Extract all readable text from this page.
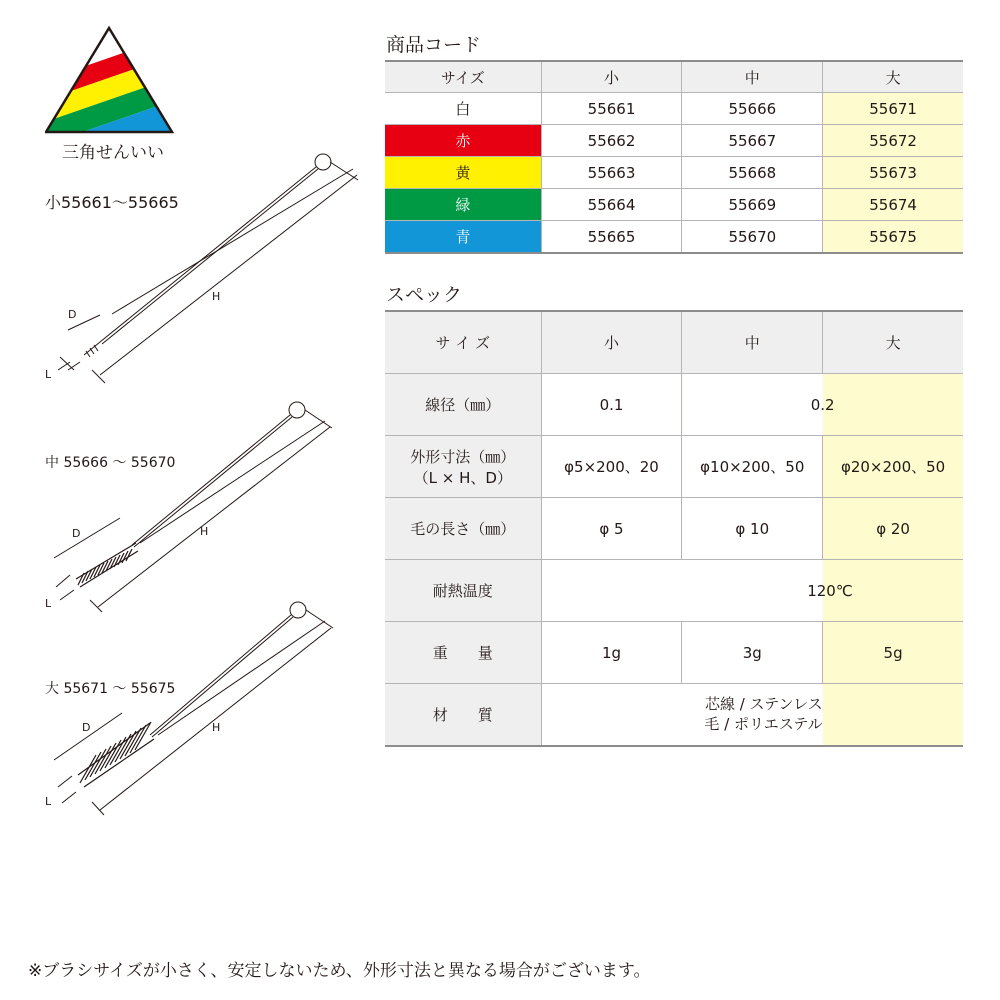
三角せんいい
小55661〜55665
中 55666 〜 55670
大 55671 〜 55675
D
H
L
D	H
L
D	H
L
商品コード
サイズ	小	中	大
白	55661	55666	55671
赤	55662	55667	55672
黄	55663	55668	55673
緑	55664	55669	55674
青	55665	55670	55675
スペック
サ イ ズ	小	中	大
線径（㎜）	0.1	0.2	
外形寸法（㎜）
（L × H、D）	φ5×200、20	φ10×200、50	φ20×200、50
毛の長さ（㎜）	φ 5	φ 10	φ 20
耐熱温度	120℃		
重　　量	1g	3g	5g
材　　質	芯線 / ステンレス
毛 / ポリエステル		
※ブラシサイズが小さく、安定しないため、外形寸法と異なる場合がございます。
